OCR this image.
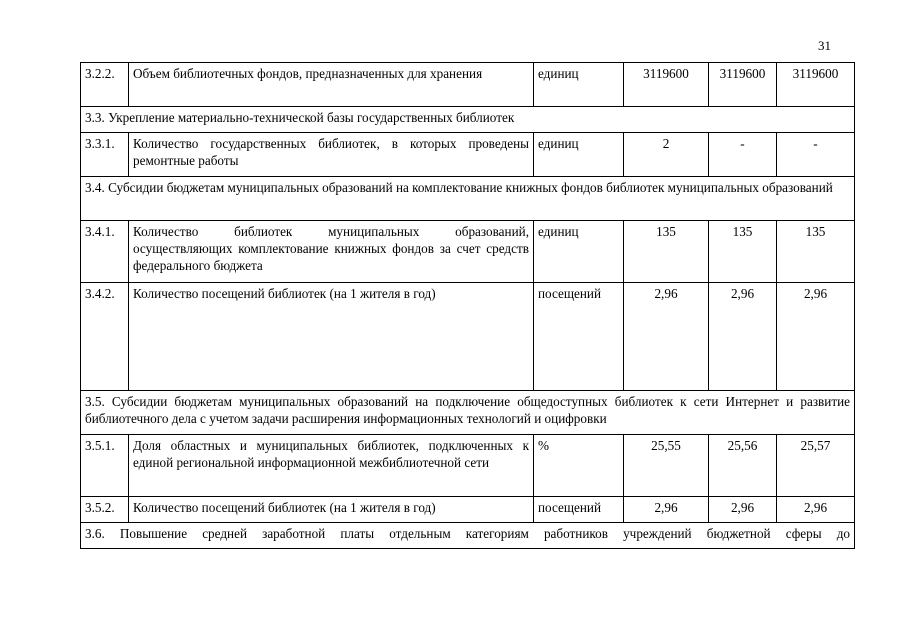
31
3.2.2.	Объем библиотечных фондов, предназначенных для хранения	единиц	3119600	3119600	3119600
3.3. Укрепление материально-технической базы государственных библиотек					
3.3.1.	Количество государственных библиотек, в которых проведены ремонтные работы	единиц	2	-	-
3.4. Субсидии бюджетам муниципальных образований на комплектование книжных фондов библиотек муниципальных образований					
3.4.1.	Количество библиотек муниципальных образований, осуществляющих комплектование книжных фондов за счет средств федерального бюджета	единиц	135	135	135
3.4.2.	Количество посещений библиотек (на 1 жителя в год)	посещений	2,96	2,96	2,96
3.5. Субсидии бюджетам муниципальных образований на подключение общедоступных библиотек к сети Интернет и развитие библиотечного дела с учетом задачи расширения информационных технологий и оцифровки					
3.5.1.	Доля областных и муниципальных библиотек, подключенных к единой региональной информационной межбиблиотечной сети	%	25,55	25,56	25,57
3.5.2.	Количество посещений библиотек (на 1 жителя в год)	посещений	2,96	2,96	2,96
3.6. Повышение средней заработной платы отдельным категориям работников учреждений бюджетной сферы до					
